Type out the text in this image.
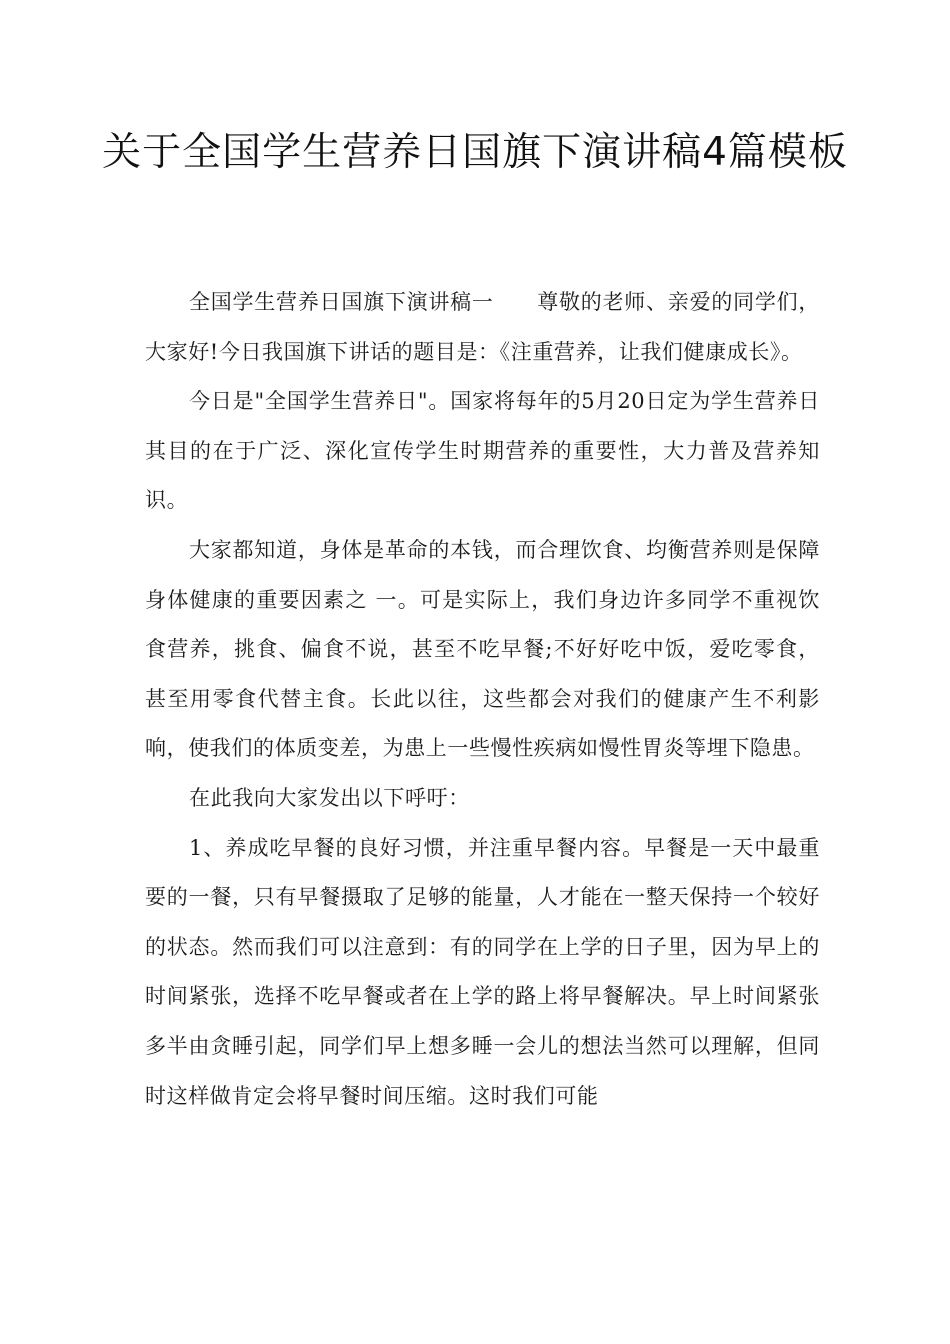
关于全国学生营养日国旗下演讲稿4篇模板

全国学生营养日国旗下演讲稿一　　尊敬的老师、亲爱的同学们，大家好!今日我国旗下讲话的题目是：《注重营养，让我们健康成长》。

今日是"全国学生营养日"。国家将每年的5月20日定为学生营养日其目的在于广泛、深化宣传学生时期营养的重要性，大力普及营养知识。

大家都知道，身体是革命的本钱，而合理饮食、均衡营养则是保障身体健康的重要因素之 一。可是实际上，我们身边许多同学不重视饮食营养，挑食、偏食不说，甚至不吃早餐;不好好吃中饭，爱吃零食，甚至用零食代替主食。长此以往，这些都会对我们的健康产生不利影响，使我们的体质变差，为患上一些慢性疾病如慢性胃炎等埋下隐患。

在此我向大家发出以下呼吁：

1、养成吃早餐的良好习惯，并注重早餐内容。早餐是一天中最重要的一餐，只有早餐摄取了足够的能量，人才能在一整天保持一个较好的状态。然而我们可以注意到：有的同学在上学的日子里，因为早上的时间紧张，选择不吃早餐或者在上学的路上将早餐解决。早上时间紧张多半由贪睡引起，同学们早上想多睡一会儿的想法当然可以理解，但同时这样做肯定会将早餐时间压缩。这时我们可能
